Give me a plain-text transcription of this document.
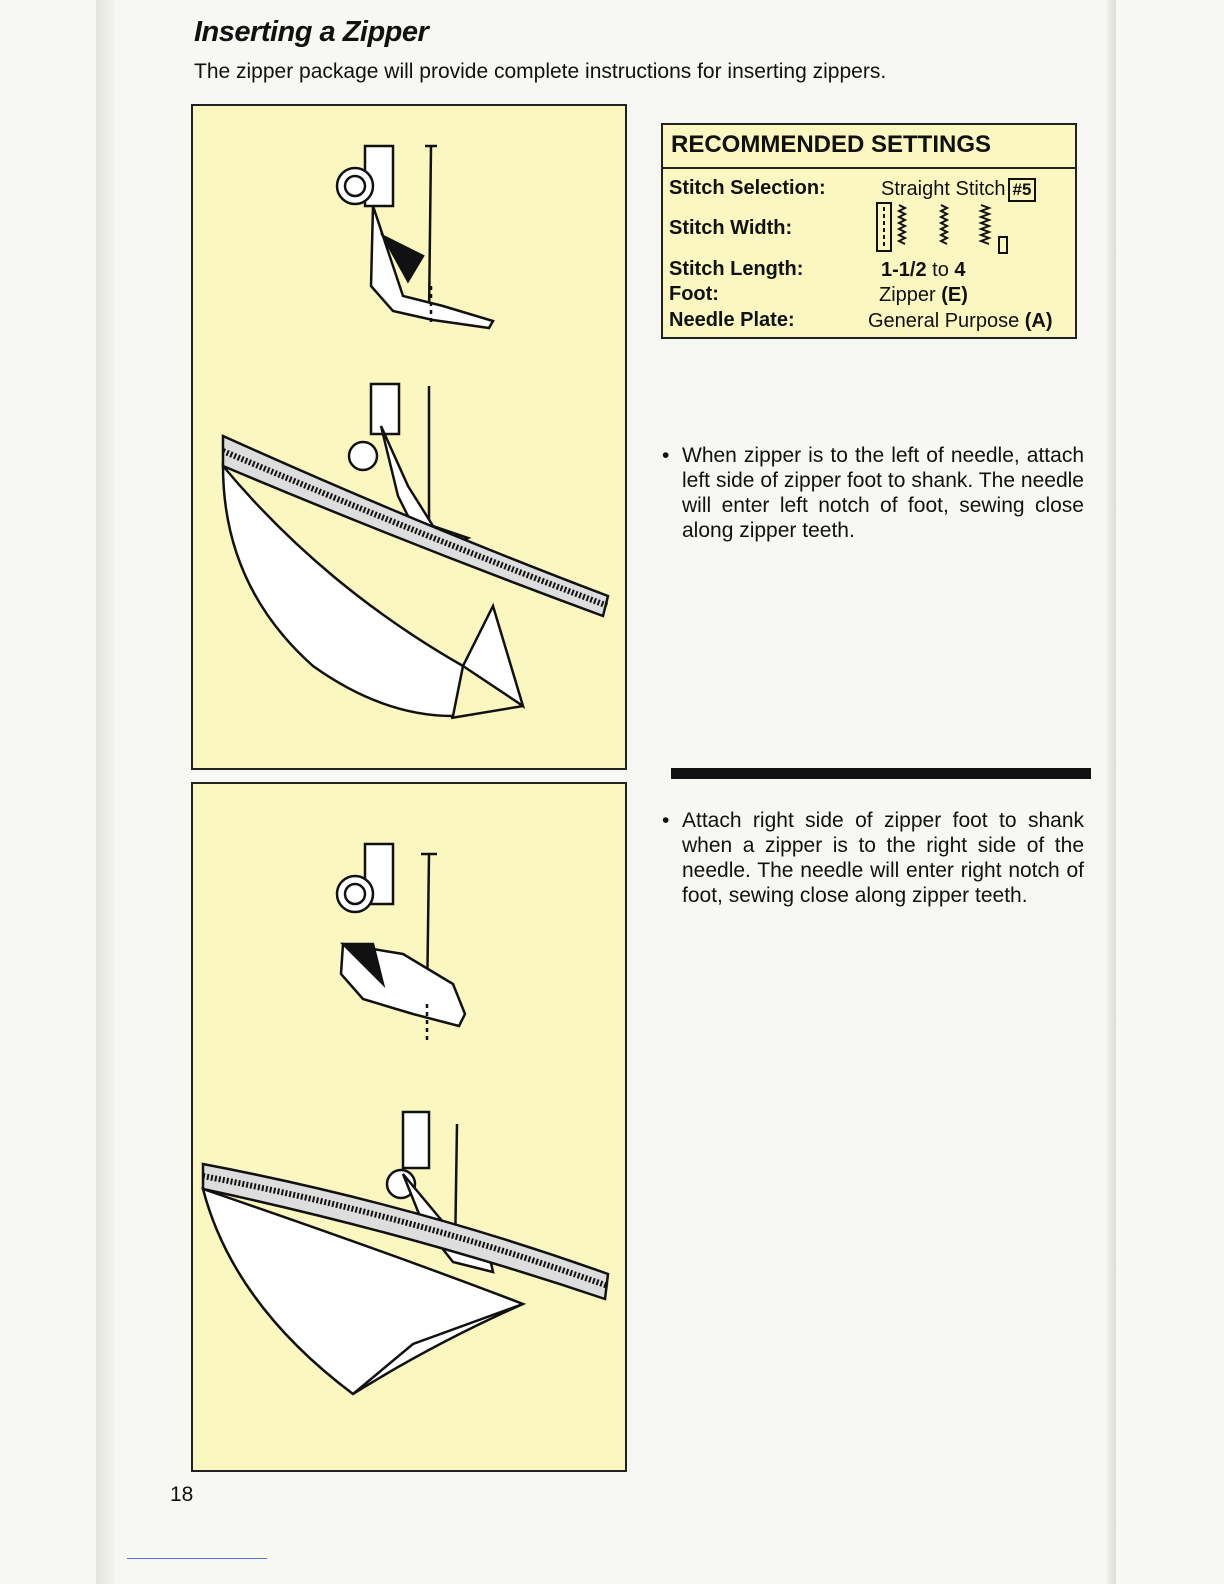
Inserting a Zipper
The zipper package will provide complete instructions for inserting zippers.
RECOMMENDED SETTINGS
Stitch Selection:	Straight Stitch #5
Stitch Width:
Stitch Length:	1-1/2 to 4
Foot:	Zipper (E)
Needle Plate:	General Purpose (A)
• When zipper is to the left of needle, attach left side of zipper foot to shank. The needle will enter left notch of foot, sewing close along zipper teeth.
• Attach right side of zipper foot to shank when a zipper is to the right side of the needle. The needle will enter right notch of foot, sewing close along zipper teeth.
18
